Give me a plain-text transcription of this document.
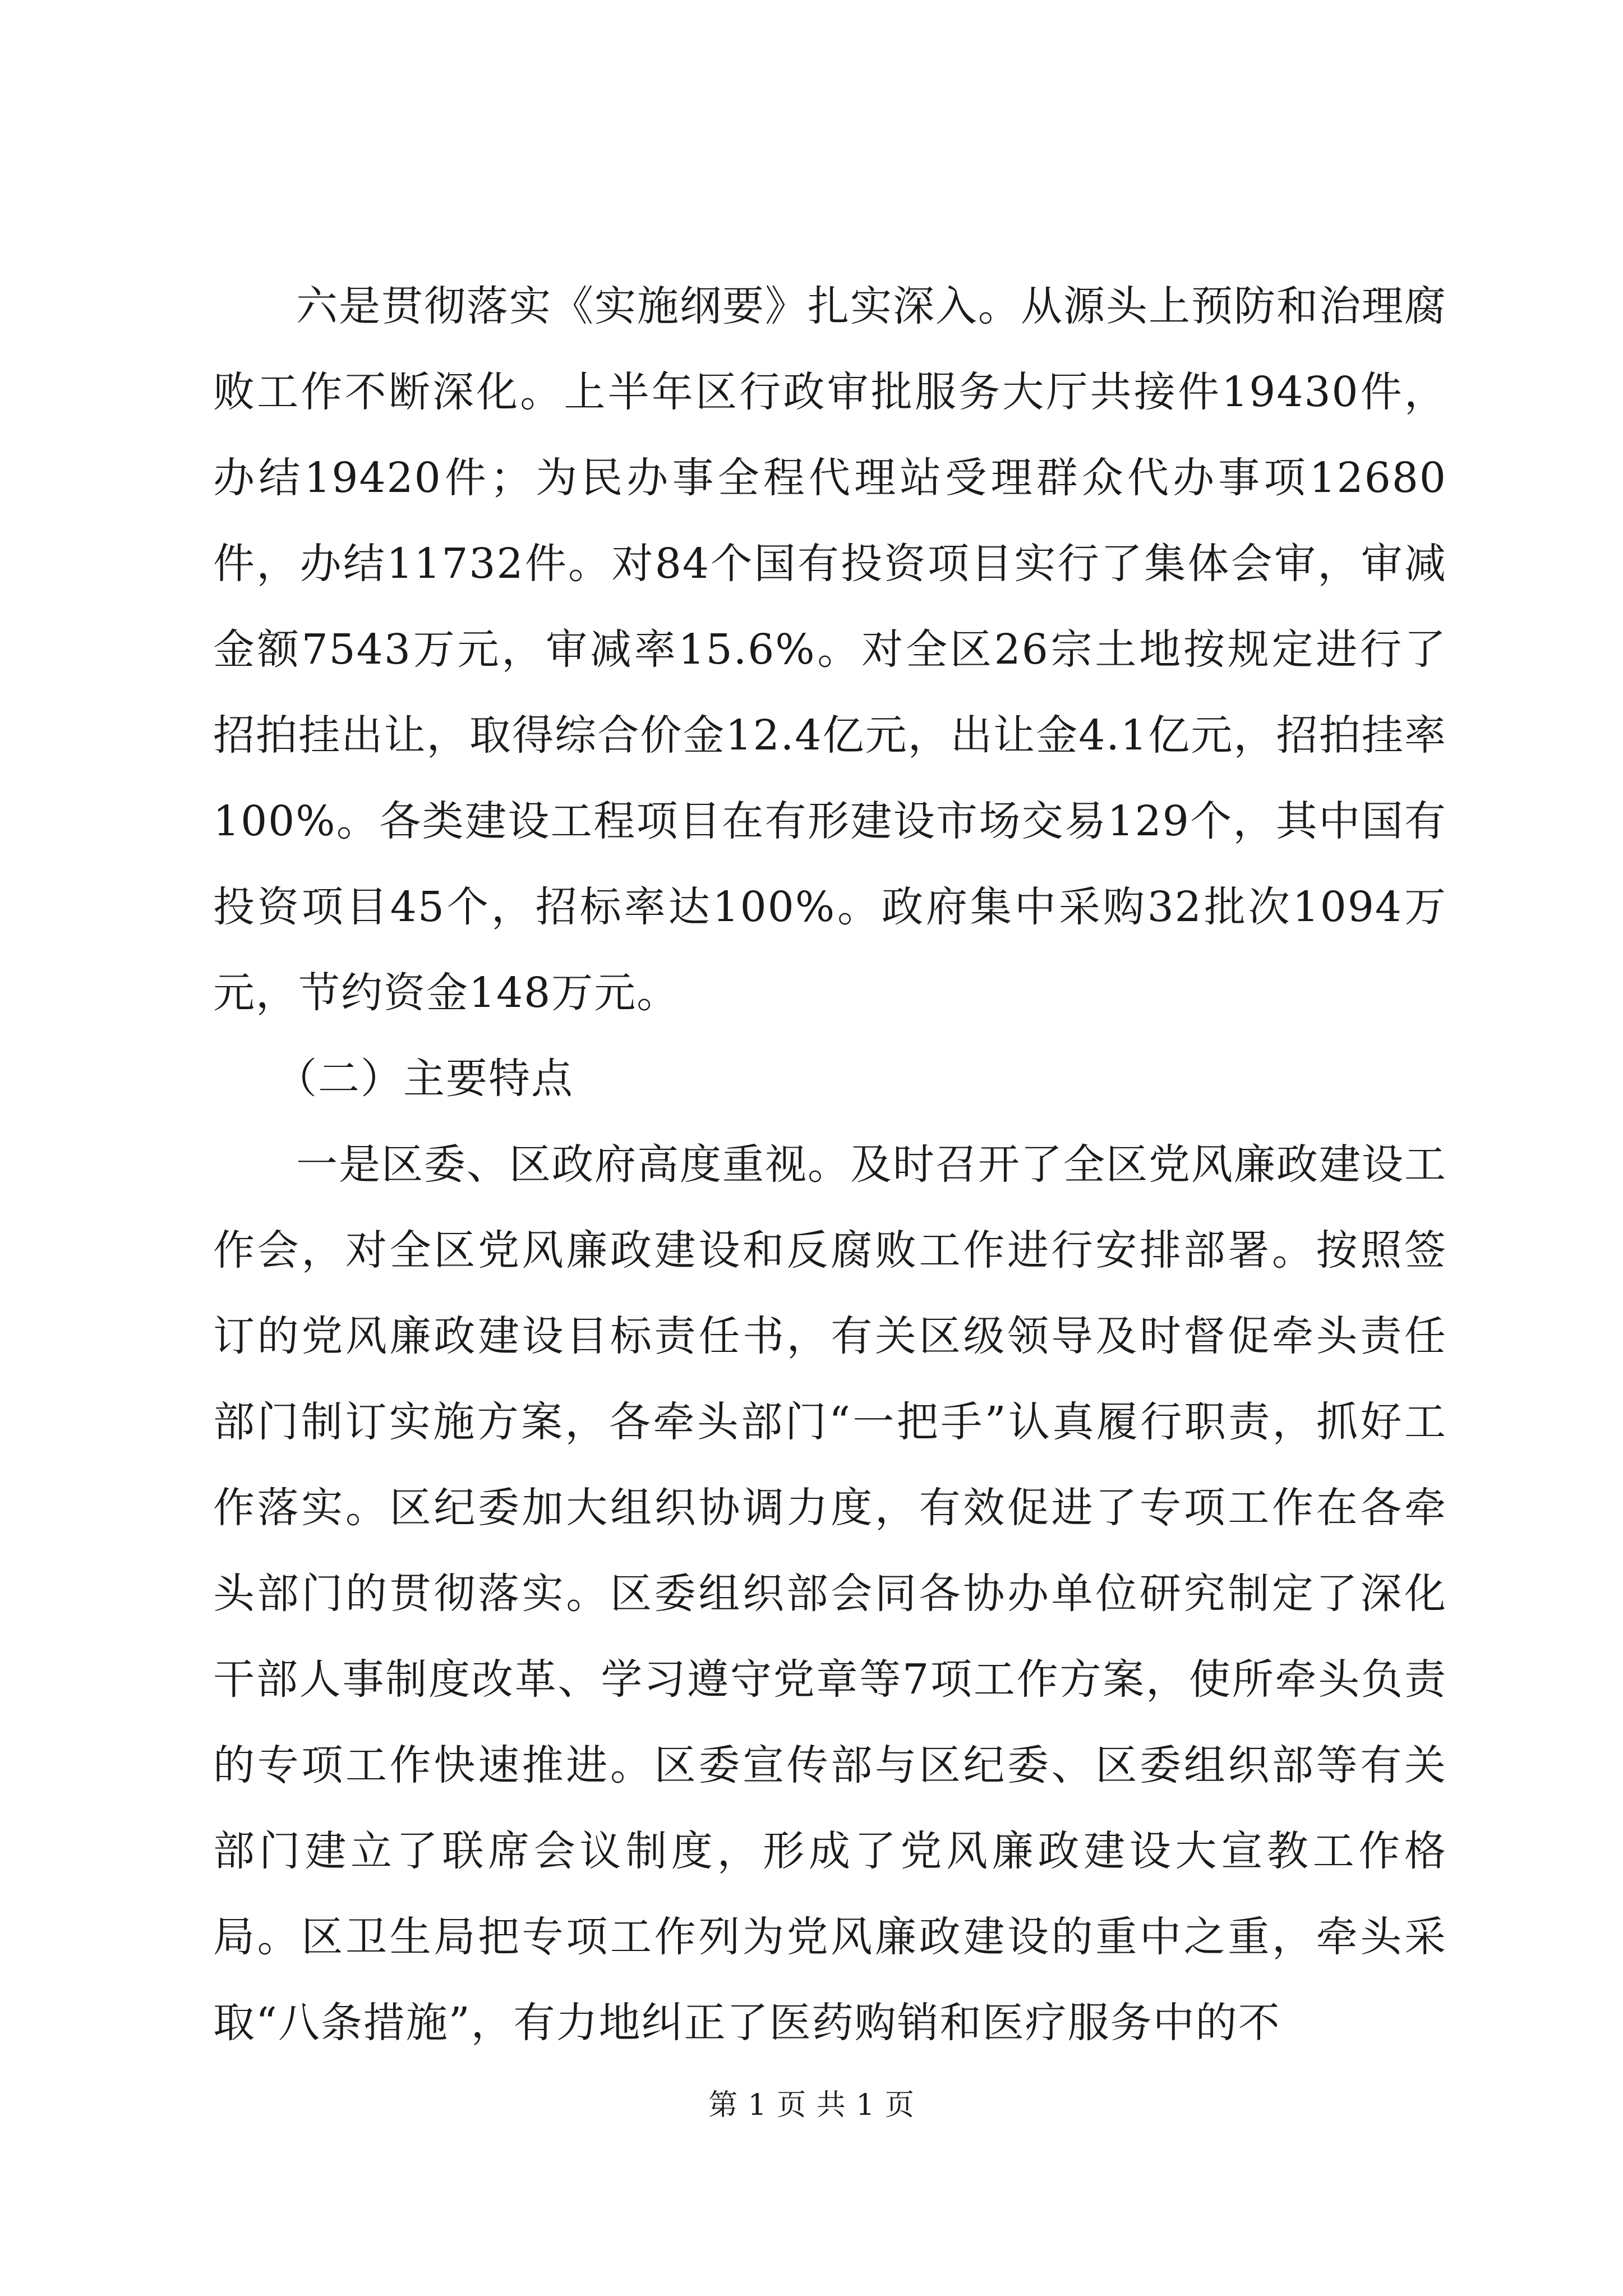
六是贯彻落实《实施纲要》扎实深入。从源头上预防和治理腐败工作不断深化。上半年区行政审批服务大厅共接件19430件，办结19420件；为民办事全程代理站受理群众代办事项12680件，办结11732件。对84个国有投资项目实行了集体会审，审减金额7543万元，审减率15.6%。对全区26宗土地按规定进行了招拍挂出让，取得综合价金12.4亿元，出让金4.1亿元，招拍挂率100%。各类建设工程项目在有形建设市场交易129个，其中国有投资项目45个，招标率达100%。政府集中采购32批次1094万元，节约资金148万元。

（二）主要特点

一是区委、区政府高度重视。及时召开了全区党风廉政建设工作会，对全区党风廉政建设和反腐败工作进行安排部署。按照签订的党风廉政建设目标责任书，有关区级领导及时督促牵头责任部门制订实施方案，各牵头部门“一把手”认真履行职责，抓好工作落实。区纪委加大组织协调力度，有效促进了专项工作在各牵头部门的贯彻落实。区委组织部会同各协办单位研究制定了深化干部人事制度改革、学习遵守党章等7项工作方案，使所牵头负责的专项工作快速推进。区委宣传部与区纪委、区委组织部等有关部门建立了联席会议制度，形成了党风廉政建设大宣教工作格局。区卫生局把专项工作列为党风廉政建设的重中之重，牵头采取“八条措施”，有力地纠正了医药购销和医疗服务中的不

第 1 页 共 1 页
